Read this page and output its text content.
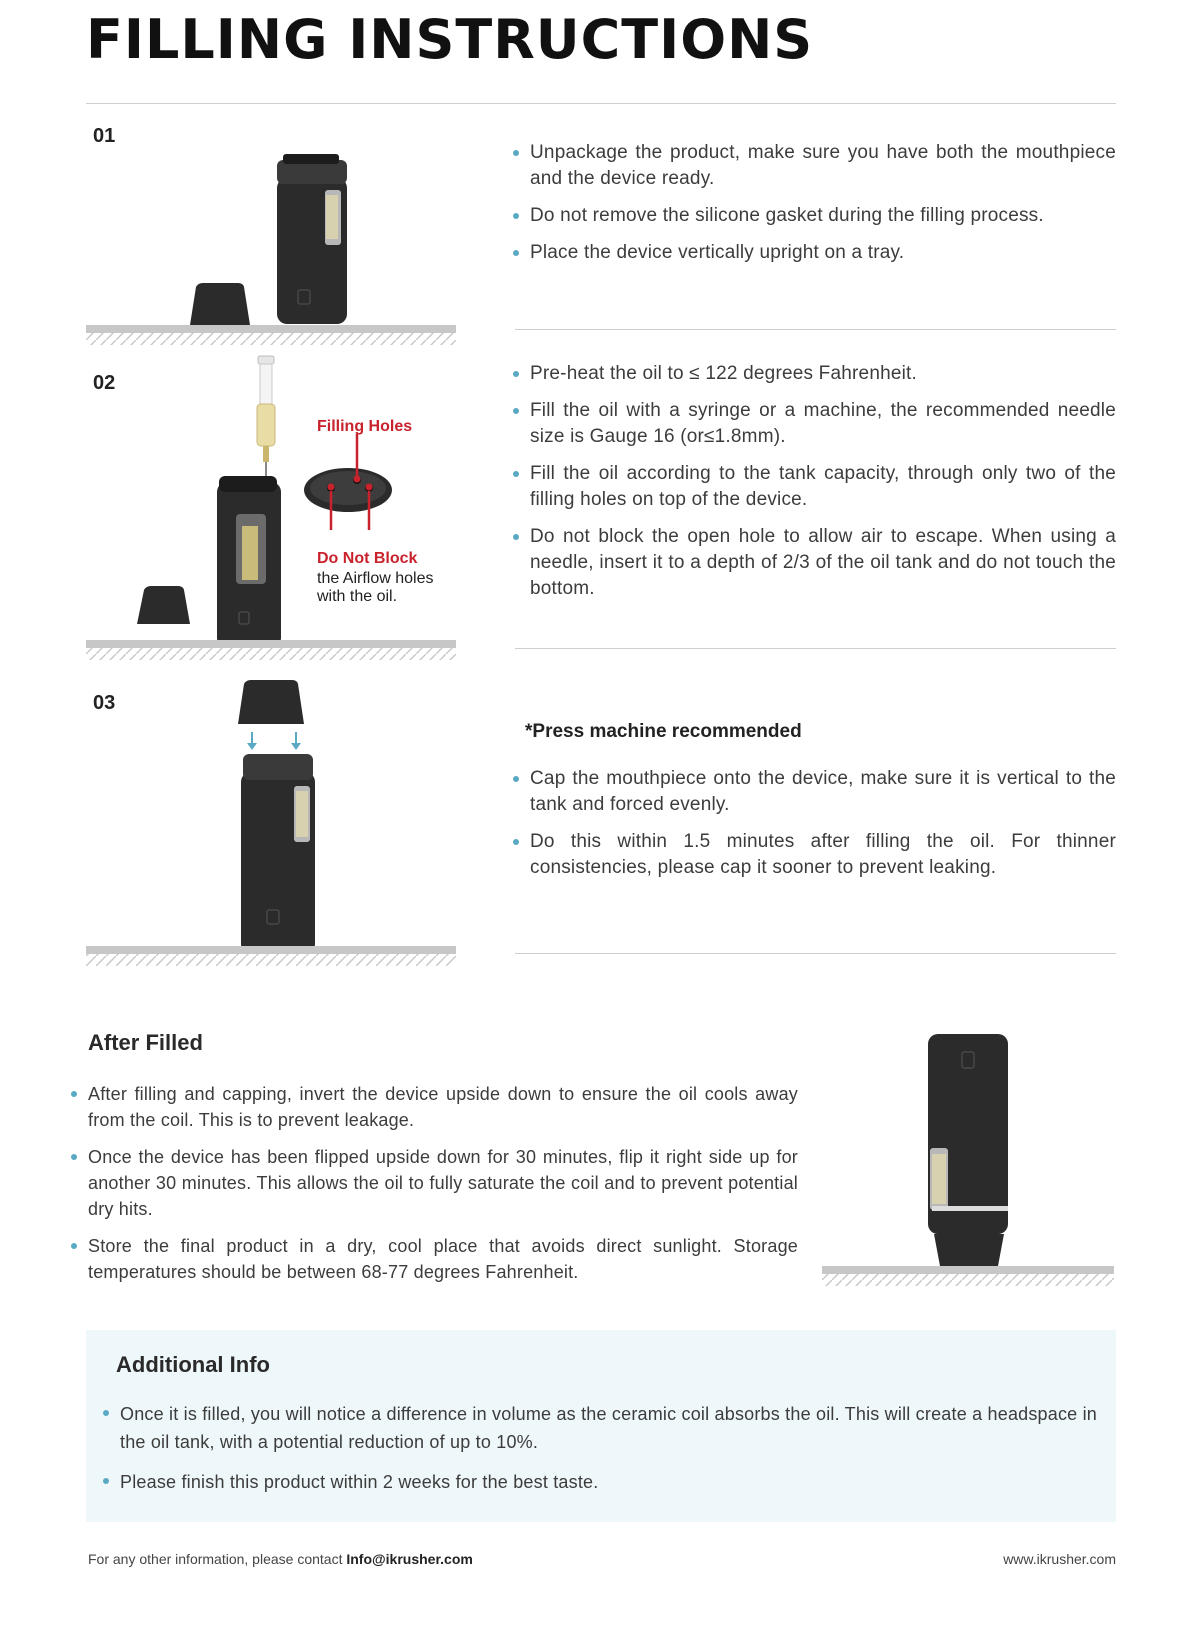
FILLING INSTRUCTIONS
01
Unpackage the product, make sure you have both the mouthpiece and the device ready.
Do not remove the silicone gasket during the filling process.
Place the device vertically upright on a tray.
02
Filling Holes
Do Not Block
the Airflow holes
with the oil.
Pre-heat the oil to ≤ 122 degrees Fahrenheit.
Fill the oil with a syringe or a machine, the recommended needle size is Gauge 16 (or≤1.8mm).
Fill the oil according to the tank capacity, through only two of the filling holes on top of the device.
Do not block the open hole to allow air to escape. When using a needle, insert it to a depth of 2/3 of the oil tank and do not touch the bottom.
03
*Press machine recommended
Cap the mouthpiece onto the device, make sure it is vertical to the tank and forced evenly.
Do this within 1.5 minutes after filling the oil. For thinner consistencies, please cap it sooner to prevent leaking.
After Filled
After filling and capping, invert the device upside down to ensure the oil cools away from the coil. This is to prevent leakage.
Once the device has been flipped upside down for 30 minutes, flip it right side up for another 30 minutes. This allows the oil to fully saturate the coil and to prevent potential dry hits.
Store the final product in a dry, cool place that avoids direct sunlight. Storage temperatures should be between 68-77 degrees Fahrenheit.
Additional Info
Once it is filled, you will notice a difference in volume as the ceramic coil absorbs the oil. This will create a headspace in the oil tank, with a potential reduction of up to 10%.
Please finish this product within 2 weeks for the best taste.
For any other information, please contact Info@ikrusher.com	www.ikrusher.com
